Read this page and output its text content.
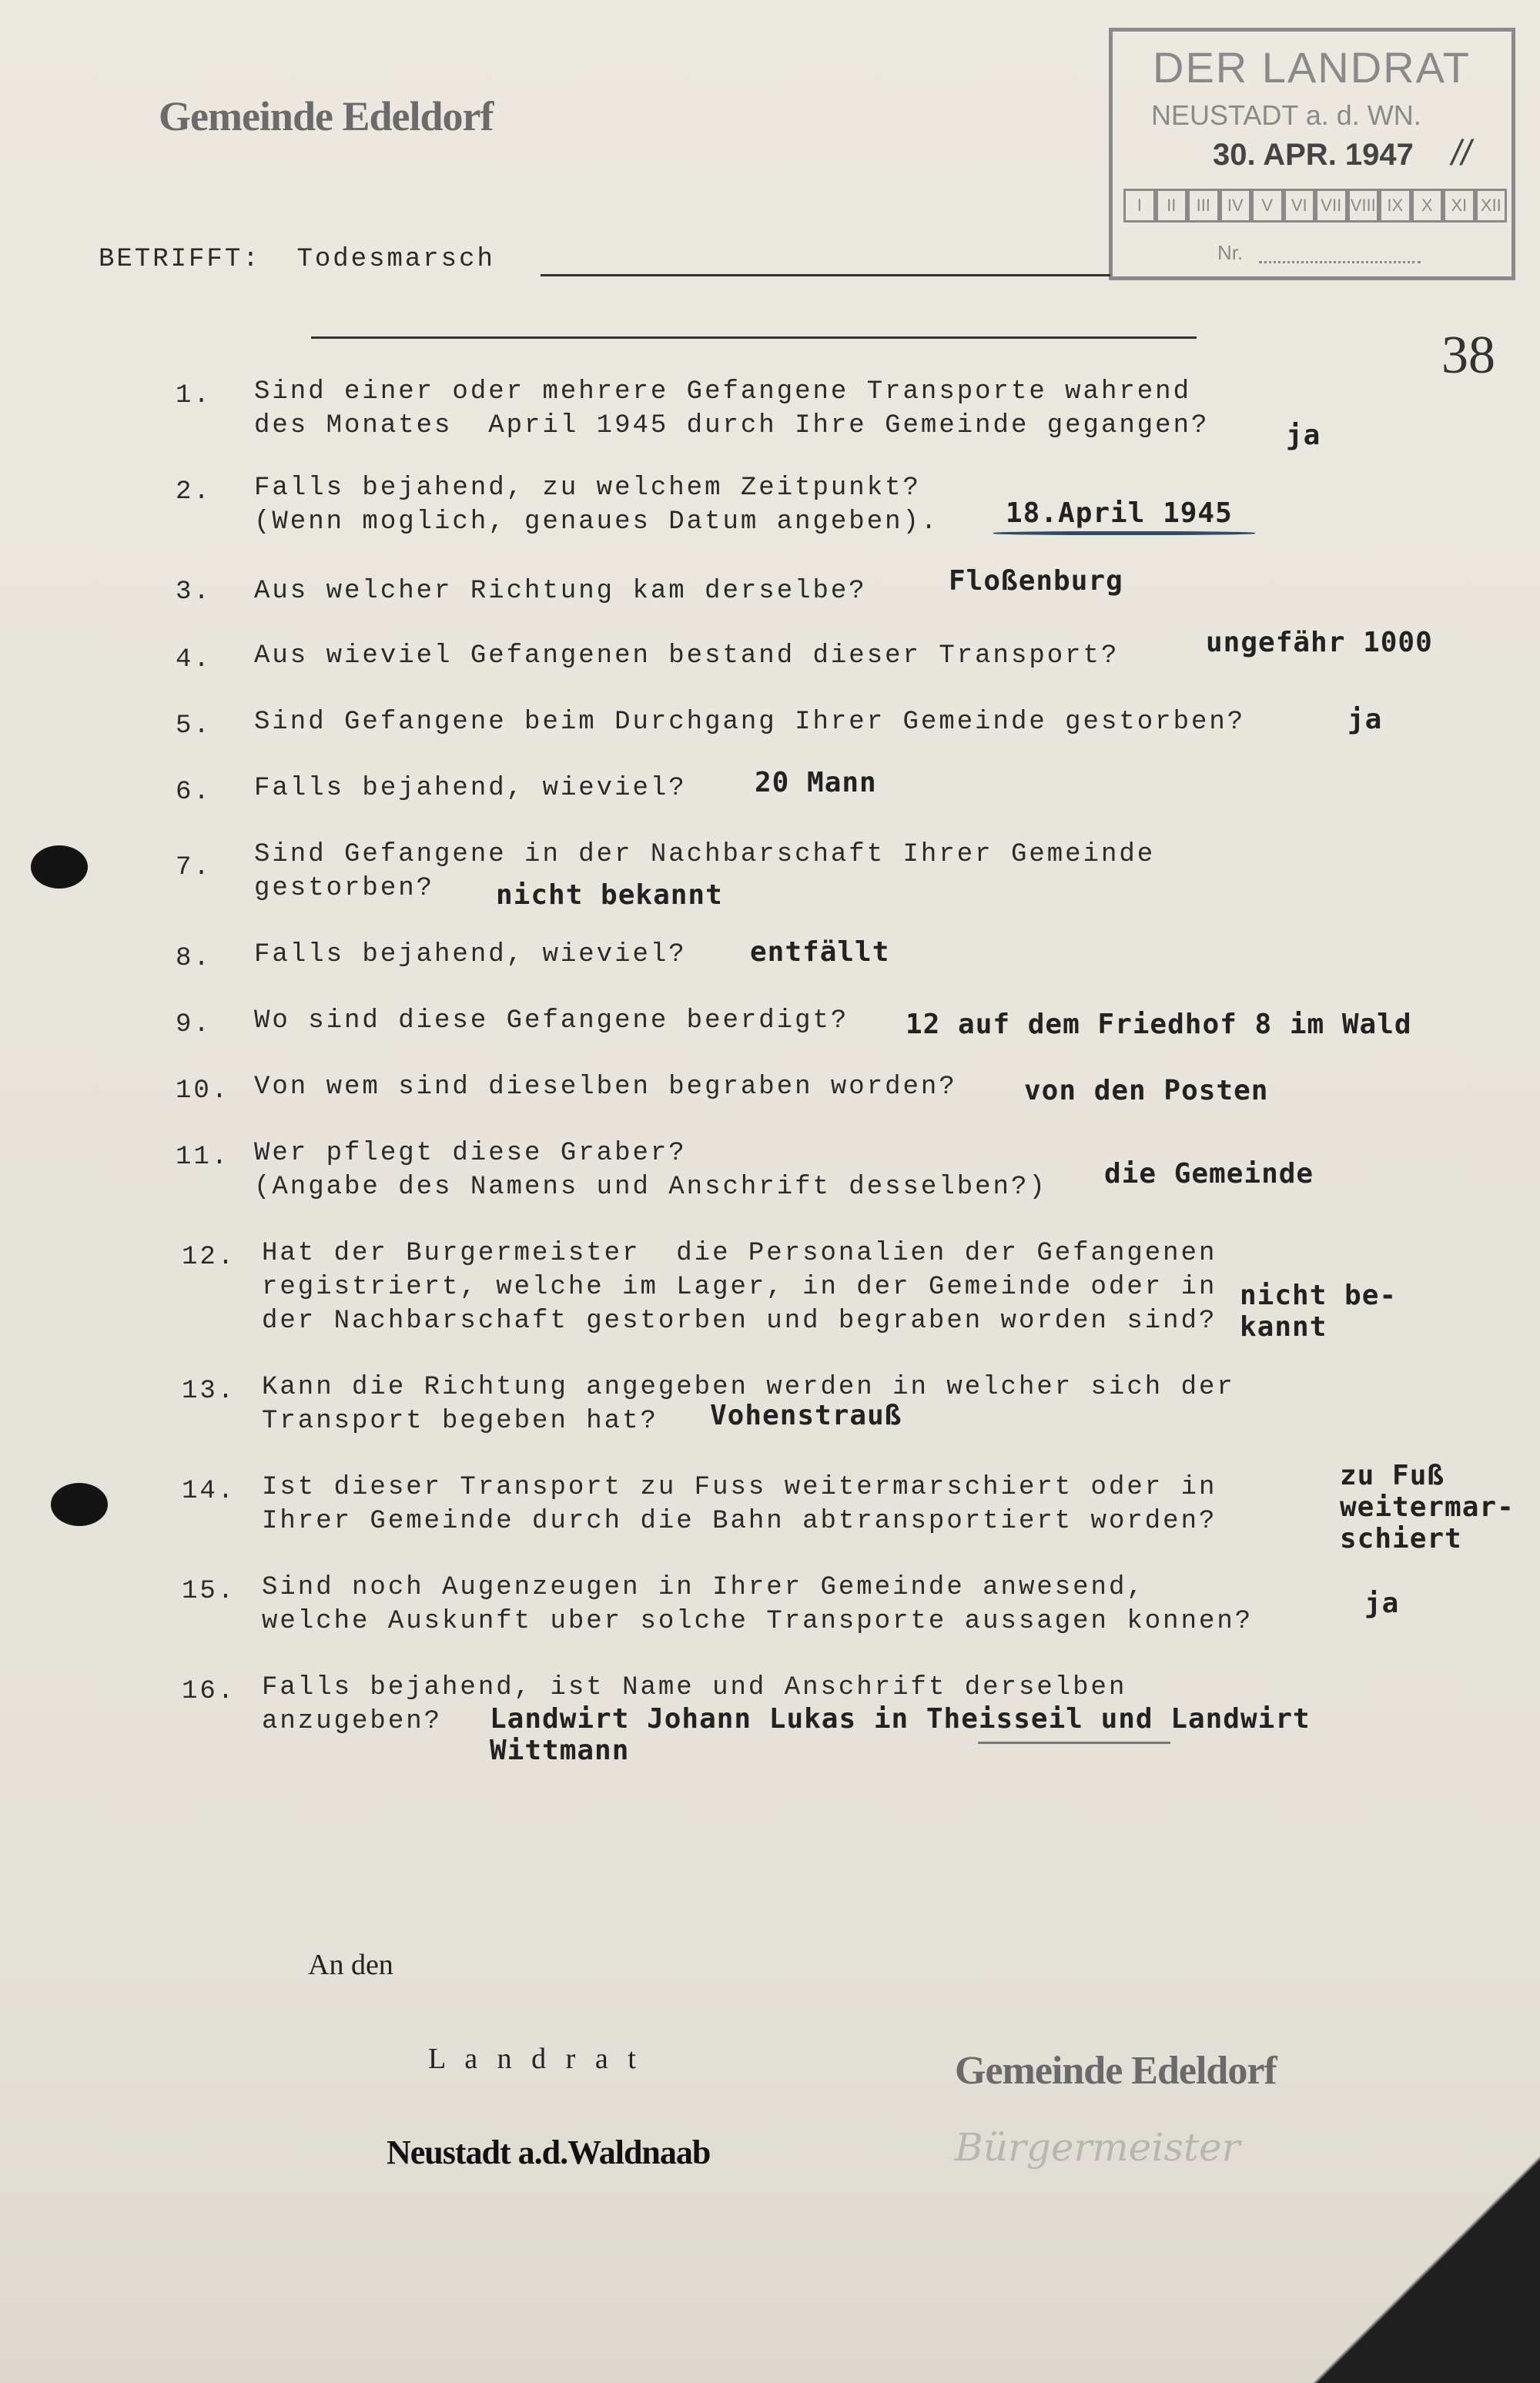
Gemeinde Edeldorf
DER LANDRAT
NEUSTADT a. d. WN.
30. APR. 1947 //
I	II	III IV	V	VI VII VIII IX	X	XI XII
Nr.
BETRIFFT: Todesmarsch
38
1. Sind einer oder mehrere Gefangene Transporte wahrend
des Monates  April 1945 durch Ihre Gemeinde gegangen?	ja
2. Falls bejahend, zu welchem Zeitpunkt?
(Wenn moglich, genaues Datum angeben). 18.April 1945
3. Aus welcher Richtung kam derselbe?	Floßenburg
4. Aus wieviel Gefangenen bestand dieser Transport?	ungefähr 1000
5. Sind Gefangene beim Durchgang Ihrer Gemeinde gestorben?	ja
6. Falls bejahend, wieviel? 20 Mann
7. Sind Gefangene in der Nachbarschaft Ihrer Gemeinde
gestorben?	nicht bekannt
8. Falls bejahend, wieviel? entfällt
9. Wo sind diese Gefangene beerdigt? 12 auf dem Friedhof 8 im Wald
10. Von wem sind dieselben begraben worden? von den Posten
11. Wer pflegt diese Graber?
(Angabe des Namens und Anschrift desselben?) die Gemeinde
12. Hat der Burgermeister  die Personalien der Gefangenen
registriert, welche im Lager, in der Gemeinde oder in
der Nachbarschaft gestorben und begraben worden sind?
nicht be-
kannt
13. Kann die Richtung angegeben werden in welcher sich der
Transport begeben hat?	Vohenstrauß
14. Ist dieser Transport zu Fuss weitermarschiert oder in
Ihrer Gemeinde durch die Bahn abtransportiert worden?
zu Fuß
weitermar-
schiert
15. Sind noch Augenzeugen in Ihrer Gemeinde anwesend,
welche Auskunft uber solche Transporte aussagen konnen?
ja
16. Falls bejahend, ist Name und Anschrift derselben
anzugeben?	Landwirt Johann Lukas in Theisseil und Landwirt
Wittmann
An den
L a n d r a t
Neustadt a.d.Waldnaab
Gemeinde Edeldorf
Bürgermeister
